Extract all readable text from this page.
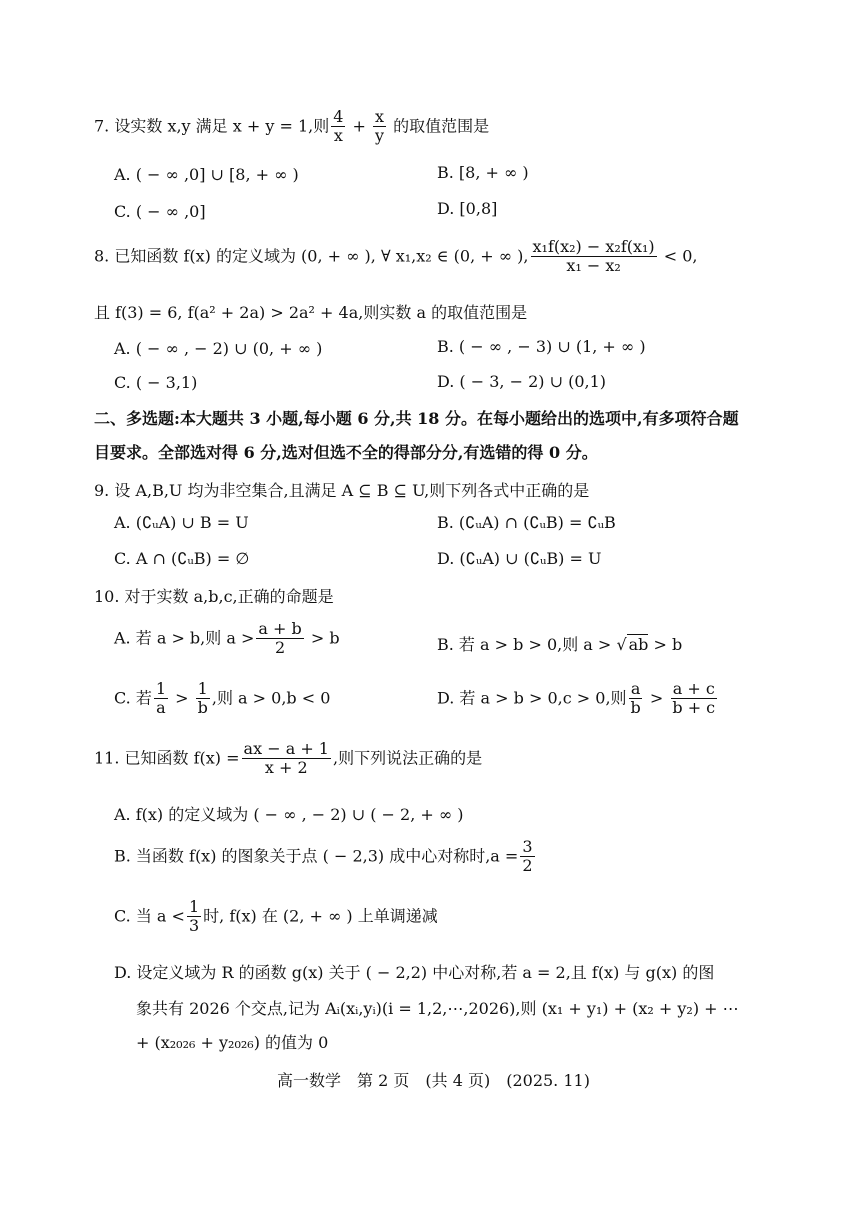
7. 设实数 x,y 满足 x + y = 1,则 $\frac{4}{x} + \frac{x}{y}$ 的取值范围是
A. ( − ∞ ,0] ∪ [8, + ∞ )	B. [8, + ∞ )
C. ( − ∞ ,0]	D. [0,8]
8. 已知函数 f(x) 的定义域为 (0, + ∞ ), ∀ x₁,x₂ ∈ (0, + ∞ ), $\frac{\text{x₁f(x₂) − x₂f(x₁)}}{\text{x₁ − x₂}} < 0$,
且 f(3) = 6, f(a² + 2a) > 2a² + 4a,则实数 a 的取值范围是
A. ( − ∞ , − 2) ∪ (0, + ∞ )	B. ( − ∞ , − 3) ∪ (1, + ∞ )
C. ( − 3,1)	D. ( − 3, − 2) ∪ (0,1)
二、多选题:本大题共 3 小题,每小题 6 分,共 18 分。在每小题给出的选项中,有多项符合题
目要求。全部选对得 6 分,选对但选不全的得部分分,有选错的得 0 分。
9. 设 A,B,U 均为非空集合,且满足 A ⊆ B ⊆ U,则下列各式中正确的是
A. (∁ᵤA) ∪ B = U	B. (∁ᵤA) ∩ (∁ᵤB) = ∁ᵤB
C. A ∩ (∁ᵤB) = ∅	D. (∁ᵤA) ∪ (∁ᵤB) = U
10. 对于实数 a,b,c,正确的命题是
A. 若 a > b,则 $a > \frac{a + b}{2} > b$	B. 若 a > b > 0,则 a > √ ab > b
C. 若 $\frac{1}{a} > \frac{1}{b}$ ,则 a > 0,b < 0	D. 若 a > b > 0,c > 0,则 $\frac{a}{b} > \frac{a + c}{b + c}$
11. 已知函数 $f(x) = \frac{ax - a + 1}{x + 2}$ ,则下列说法正确的是
A. f(x) 的定义域为 ( − ∞ , − 2) ∪ ( − 2, + ∞ )
B. 当函数 f(x) 的图象关于点 ( − 2,3) 成中心对称时$,a = \frac{3}{2}$
C. 当 $a < \frac{1}{3}$ 时, f(x) 在 (2, + ∞ ) 上单调递减
D. 设定义域为 R 的函数 g(x) 关于 ( − 2,2) 中心对称,若 a = 2,且 f(x) 与 g(x) 的图
象共有 2026 个交点,记为 Aᵢ(xᵢ,yᵢ)(i = 1,2,⋯,2026),则 (x₁ + y₁) + (x₂ + y₂) + ⋯
+ (x₂₀₂₆ + y₂₀₂₆) 的值为 0
高一数学　第 2 页　(共 4 页)　(2025. 11)
